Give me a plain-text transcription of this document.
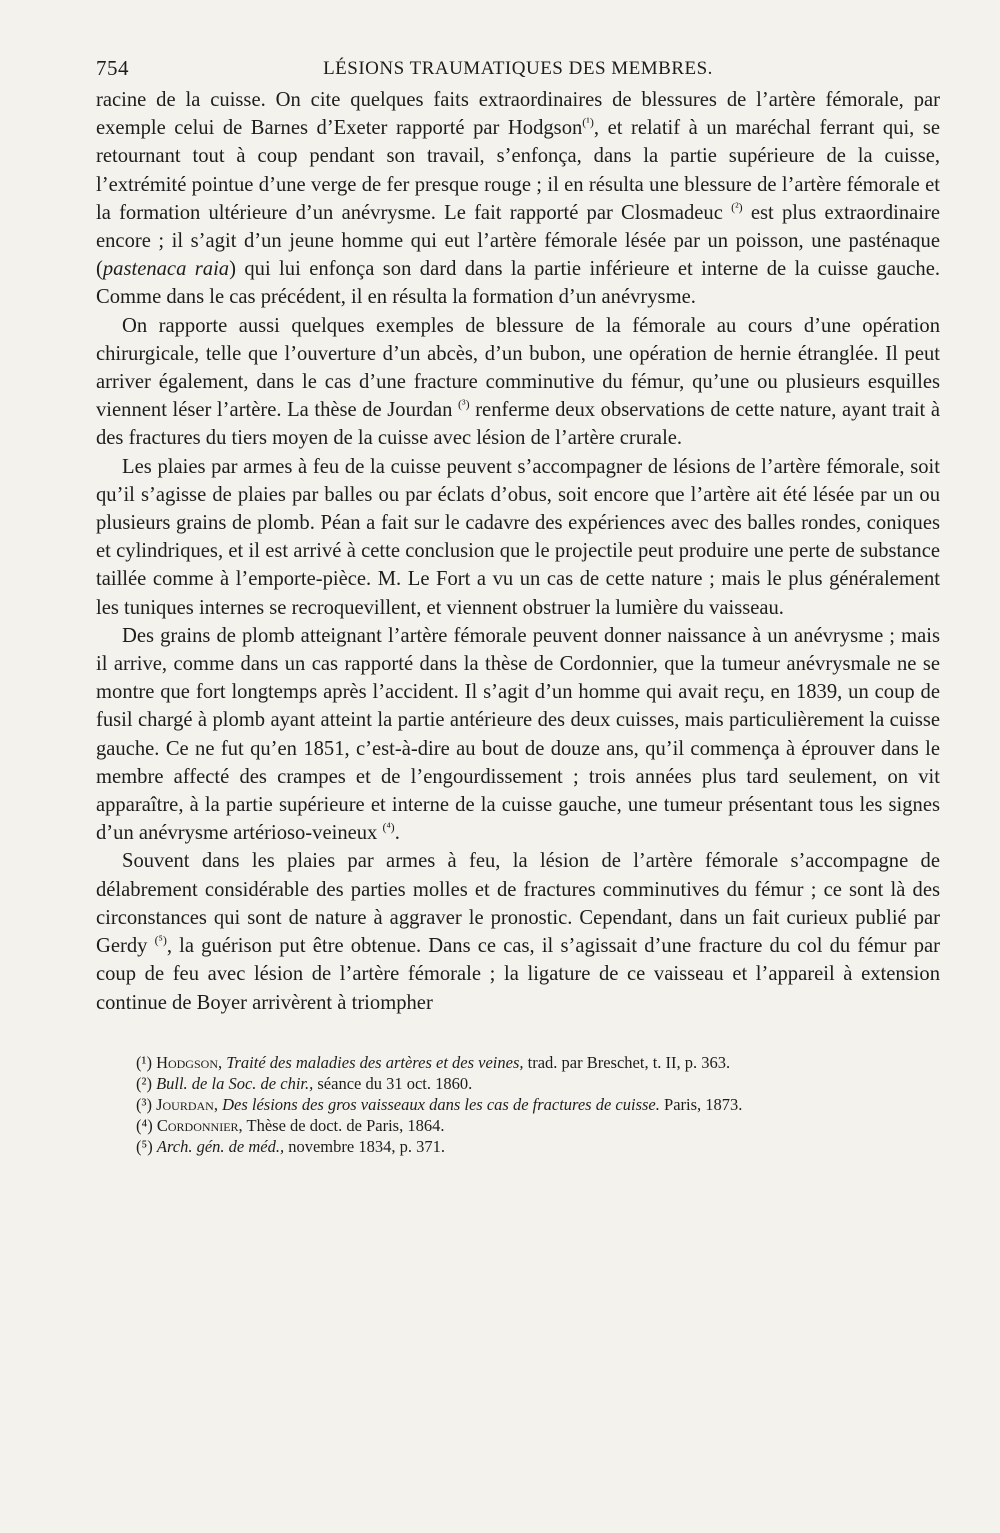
754	LÉSIONS TRAUMATIQUES DES MEMBRES.

racine de la cuisse. On cite quelques faits extraordinaires de blessures de l’artère fémorale, par exemple celui de Barnes d’Exeter rapporté par Hodgson$^{(^1)}$, et relatif à un maréchal ferrant qui, se retournant tout à coup pendant son travail, s’enfonça, dans la partie supérieure de la cuisse, l’extrémité pointue d’une verge de fer presque rouge ; il en résulta une blessure de l’artère fémorale et la formation ultérieure d’un anévrysme. Le fait rapporté par Closmadeuc $^{(^2)}$ est plus extraordinaire encore ; il s’agit d’un jeune homme qui eut l’artère fémorale lésée par un poisson, une pasténaque (pastenaca raia) qui lui enfonça son dard dans la partie inférieure et interne de la cuisse gauche. Comme dans le cas précédent, il en résulta la formation d’un anévrysme.

On rapporte aussi quelques exemples de blessure de la fémorale au cours d’une opération chirurgicale, telle que l’ouverture d’un abcès, d’un bubon, une opération de hernie étranglée. Il peut arriver également, dans le cas d’une fracture comminutive du fémur, qu’une ou plusieurs esquilles viennent léser l’artère. La thèse de Jourdan $^{(^3)}$ renferme deux observations de cette nature, ayant trait à des fractures du tiers moyen de la cuisse avec lésion de l’artère crurale.

Les plaies par armes à feu de la cuisse peuvent s’accompagner de lésions de l’artère fémorale, soit qu’il s’agisse de plaies par balles ou par éclats d’obus, soit encore que l’artère ait été lésée par un ou plusieurs grains de plomb. Péan a fait sur le cadavre des expériences avec des balles rondes, coniques et cylindriques, et il est arrivé à cette conclusion que le projectile peut produire une perte de substance taillée comme à l’emporte-pièce. M. Le Fort a vu un cas de cette nature ; mais le plus généralement les tuniques internes se recroquevillent, et viennent obstruer la lumière du vaisseau.

Des grains de plomb atteignant l’artère fémorale peuvent donner naissance à un anévrysme ; mais il arrive, comme dans un cas rapporté dans la thèse de Cordonnier, que la tumeur anévrysmale ne se montre que fort longtemps après l’accident. Il s’agit d’un homme qui avait reçu, en 1839, un coup de fusil chargé à plomb ayant atteint la partie antérieure des deux cuisses, mais particulièrement la cuisse gauche. Ce ne fut qu’en 1851, c’est-à-dire au bout de douze ans, qu’il commença à éprouver dans le membre affecté des crampes et de l’engourdissement ; trois années plus tard seulement, on vit apparaître, à la partie supérieure et interne de la cuisse gauche, une tumeur présentant tous les signes d’un anévrysme artérioso-veineux $^{(^4)}$.

Souvent dans les plaies par armes à feu, la lésion de l’artère fémorale s’accompagne de délabrement considérable des parties molles et de fractures comminutives du fémur ; ce sont là des circonstances qui sont de nature à aggraver le pronostic. Cependant, dans un fait curieux publié par Gerdy $^{(^5)}$, la guérison put être obtenue. Dans ce cas, il s’agissait d’une fracture du col du fémur par coup de feu avec lésion de l’artère fémorale ; la ligature de ce vaisseau et l’appareil à extension continue de Boyer arrivèrent à triompher

(¹) Hodgson, Traité des maladies des artères et des veines, trad. par Breschet, t. II, p. 363.
(²) Bull. de la Soc. de chir., séance du 31 oct. 1860.
(³) Jourdan, Des lésions des gros vaisseaux dans les cas de fractures de cuisse. Paris, 1873.
(⁴) Cordonnier, Thèse de doct. de Paris, 1864.
(⁵) Arch. gén. de méd., novembre 1834, p. 371.
